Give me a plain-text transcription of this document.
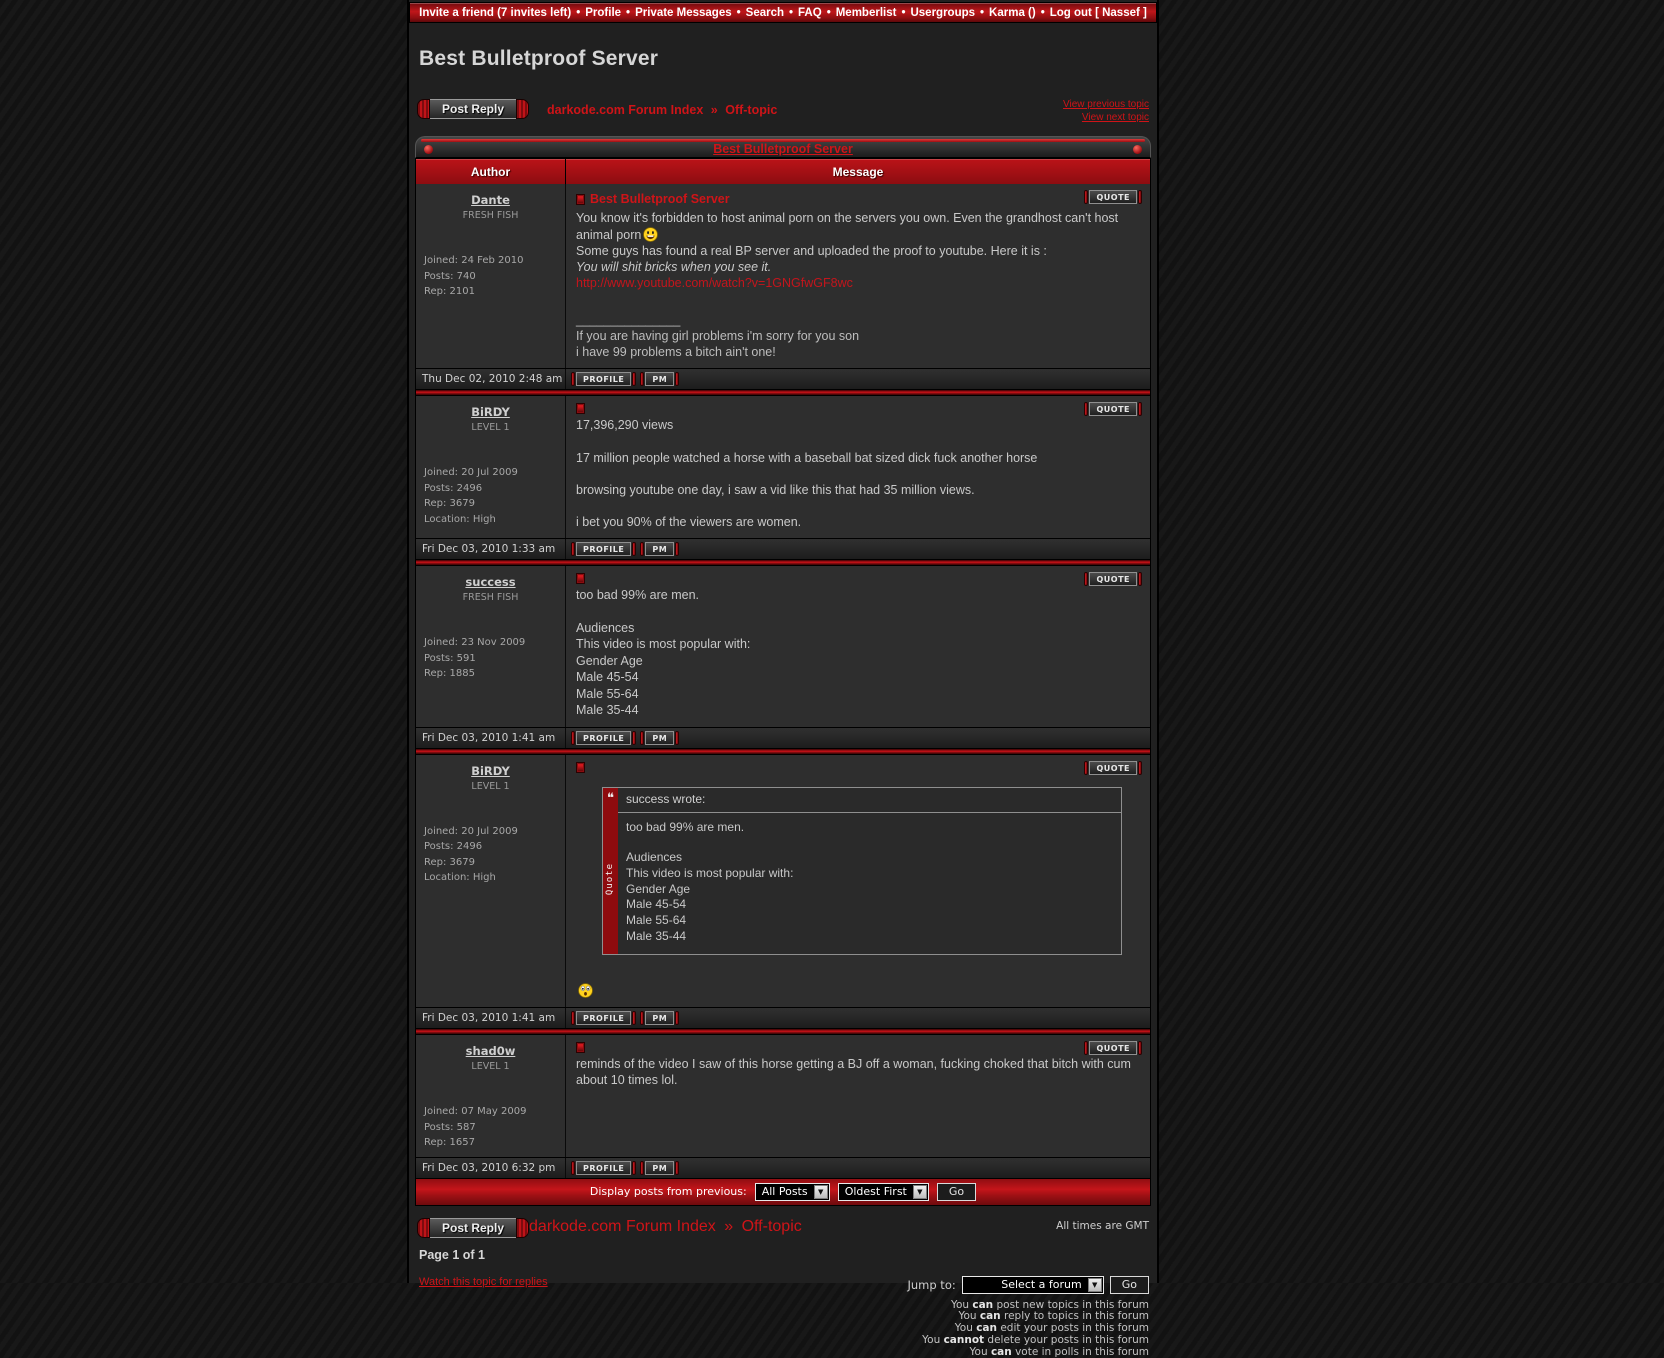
Invite a friend (7 invites left) • Profile • Private Messages • Search • FAQ • Memberlist • Usergroups • Karma () • Log out [ Nassef ]
Best Bulletproof Server
Post Reply	darkode.com Forum Index » Off-topic	View previous topic
View next topic
Best Bulletproof Server
Author	Message
Dante
FRESH FISH
Joined: 24 Feb 2010
Posts: 740
Rep: 2101
QUOTE
Best Bulletproof Server
You know it's forbidden to host animal porn on the servers you own. Even the grandhost can't host animal porn
Some guys has found a real BP server and uploaded the proof to youtube. Here it is :
You will shit bricks when you see it.
http://www.youtube.com/watch?v=1GNGfwGF8wc
_______________
If you are having girl problems i'm sorry for you son
i have 99 problems a bitch ain't one!
Thu Dec 02, 2010 2:48 am	PROFILE	PM
BiRDY
LEVEL 1
Joined: 20 Jul 2009
Posts: 2496
Rep: 3679
Location: High
QUOTE
17,396,290 views
17 million people watched a horse with a baseball bat sized dick fuck another horse
browsing youtube one day, i saw a vid like this that had 35 million views.
i bet you 90% of the viewers are women.
Fri Dec 03, 2010 1:33 am	PROFILE	PM
success
FRESH FISH
Joined: 23 Nov 2009
Posts: 591
Rep: 1885
QUOTE
too bad 99% are men.
Audiences
This video is most popular with:
Gender Age
Male 45-54
Male 55-64
Male 35-44
Fri Dec 03, 2010 1:41 am	PROFILE	PM
BiRDY
LEVEL 1
Joined: 20 Jul 2009
Posts: 2496
Rep: 3679
Location: High
QUOTE
❝
Quote
success wrote:
too bad 99% are men.
Audiences
This video is most popular with:
Gender Age
Male 45-54
Male 55-64
Male 35-44
Fri Dec 03, 2010 1:41 am	PROFILE	PM
shad0w
LEVEL 1
Joined: 07 May 2009
Posts: 587
Rep: 1657
QUOTE
reminds of the video I saw of this horse getting a BJ off a woman, fucking choked that bitch with cum about 10 times lol.
Fri Dec 03, 2010 6:32 pm	PROFILE	PM
Display posts from previous:	All Posts	▼	Oldest First	▼	Go
Post Reply	darkode.com Forum Index » Off-topic	All times are GMT
Page 1 of 1
Watch this topic for replies	Jump to:	Select a forum	▼	Go
You can post new topics in this forum
You can reply to topics in this forum
You can edit your posts in this forum
You cannot delete your posts in this forum
You can vote in polls in this forum
